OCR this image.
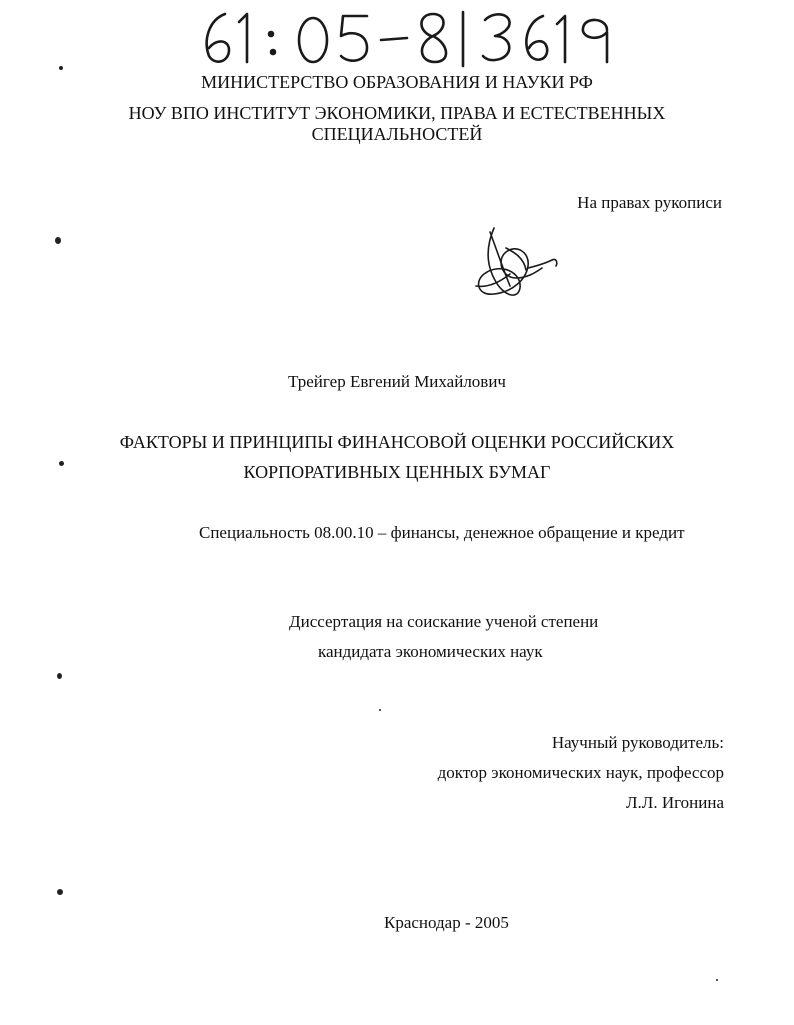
МИНИСТЕРСТВО ОБРАЗОВАНИЯ И НАУКИ РФ
НОУ ВПО ИНСТИТУТ ЭКОНОМИКИ, ПРАВА И ЕСТЕСТВЕННЫХ
СПЕЦИАЛЬНОСТЕЙ
На правах рукописи
Трейгер Евгений Михайлович
ФАКТОРЫ И ПРИНЦИПЫ ФИНАНСОВОЙ ОЦЕНКИ РОССИЙСКИХ
КОРПОРАТИВНЫХ ЦЕННЫХ БУМАГ
Специальность 08.00.10 – финансы, денежное обращение и кредит
Диссертация на соискание ученой степени
кандидата экономических наук
Научный руководитель:
доктор экономических наук, профессор
Л.Л. Игонина
Краснодар - 2005
